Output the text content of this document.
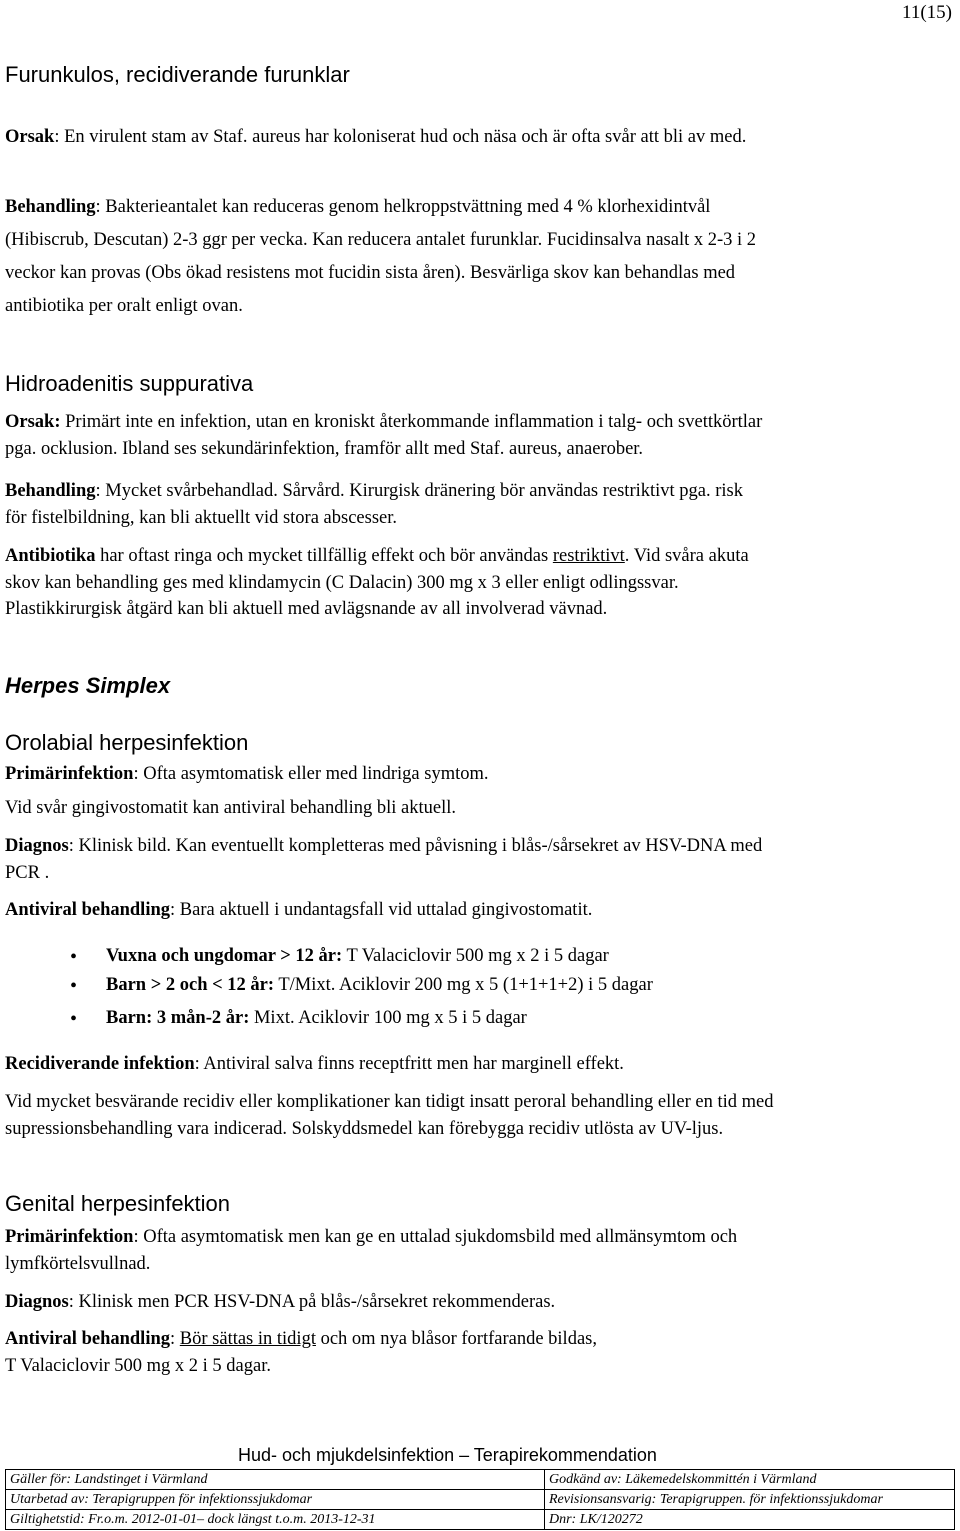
11(15)
Furunkulos, recidiverande furunklar
Orsak: En virulent stam av Staf. aureus har koloniserat hud och näsa och är ofta svår att bli av med.
Behandling: Bakterieantalet kan reduceras genom helkroppstvättning med 4 % klorhexidintvål
(Hibiscrub, Descutan) 2-3 ggr per vecka. Kan reducera antalet furunklar. Fucidinsalva nasalt x 2-3 i 2
veckor kan provas (Obs ökad resistens mot fucidin sista åren). Besvärliga skov kan behandlas med
antibiotika per oralt enligt ovan.
Hidroadenitis suppurativa
Orsak: Primärt inte en infektion, utan en kroniskt återkommande inflammation i talg- och svettkörtlar
pga. ocklusion. Ibland ses sekundärinfektion, framför allt med Staf. aureus, anaerober.
Behandling: Mycket svårbehandlad. Sårvård. Kirurgisk dränering bör användas restriktivt pga. risk
för fistelbildning, kan bli aktuellt vid stora abscesser.
Antibiotika har oftast ringa och mycket tillfällig effekt och bör användas restriktivt. Vid svåra akuta
skov kan behandling ges med klindamycin (C Dalacin) 300 mg x 3 eller enligt odlingssvar.
Plastikkirurgisk åtgärd kan bli aktuell med avlägsnande av all involverad vävnad.
Herpes Simplex
Orolabial herpesinfektion
Primärinfektion: Ofta asymtomatisk eller med lindriga symtom.
Vid svår gingivostomatit kan antiviral behandling bli aktuell.
Diagnos: Klinisk bild. Kan eventuellt kompletteras med påvisning i blås-/sårsekret av HSV-DNA med
PCR .
Antiviral behandling: Bara aktuell i undantagsfall vid uttalad gingivostomatit.
• Vuxna och ungdomar > 12 år: T Valaciclovir 500 mg x 2 i 5 dagar
• Barn > 2 och < 12 år: T/Mixt. Aciklovir 200 mg x 5 (1+1+1+2) i 5 dagar
• Barn: 3 mån-2 år: Mixt. Aciklovir 100 mg x 5 i 5 dagar
Recidiverande infektion: Antiviral salva finns receptfritt men har marginell effekt.
Vid mycket besvärande recidiv eller komplikationer kan tidigt insatt peroral behandling eller en tid med
supressionsbehandling vara indicerad. Solskyddsmedel kan förebygga recidiv utlösta av UV-ljus.
Genital herpesinfektion
Primärinfektion: Ofta asymtomatisk men kan ge en uttalad sjukdomsbild med allmänsymtom och
lymfkörtelsvullnad.
Diagnos: Klinisk men PCR HSV-DNA på blås-/sårsekret rekommenderas.
Antiviral behandling: Bör sättas in tidigt och om nya blåsor fortfarande bildas,
T Valaciclovir 500 mg x 2 i 5 dagar.
Hud- och mjukdelsinfektion – Terapirekommendation
Gäller för: Landstinget i Värmland	Godkänd av: Läkemedelskommittén i Värmland
Utarbetad av: Terapigruppen för infektionssjukdomar	Revisionsansvarig: Terapigruppen. för infektionssjukdomar
Giltighetstid: Fr.o.m. 2012-01-01– dock längst t.o.m. 2013-12-31	Dnr: LK/120272
